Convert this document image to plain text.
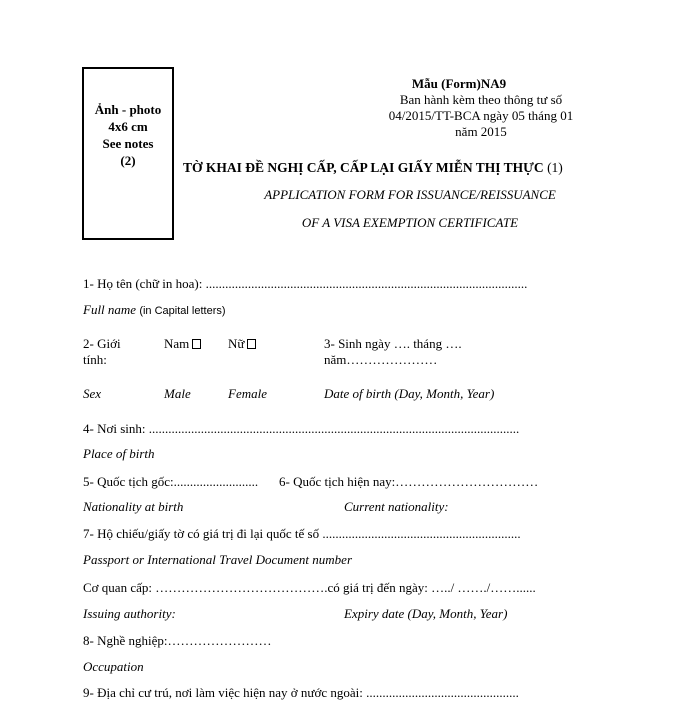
Ảnh - photo
4x6 cm
See notes
(2)
Mẫu (Form)NA9
Ban hành kèm theo thông tư số
04/2015/TT-BCA ngày 05 tháng 01
năm 2015
TỜ KHAI ĐỀ NGHỊ CẤP, CẤP LẠI GIẤY MIỄN THỊ THỰC (1)
APPLICATION FORM FOR ISSUANCE/REISSUANCE
OF A VISA EXEMPTION CERTIFICATE
1- Họ tên (chữ in hoa): ...................................................................................................
Full name (in Capital letters)
2- Giới
tính:
Nam	Nữ	3- Sinh ngày …. tháng ….
năm…………………
Sex	Male	Female	Date of birth (Day, Month, Year)
4- Nơi sinh: ..................................................................................................................
Place of birth
5- Quốc tịch gốc:.......................... 6- Quốc tịch hiện nay:……………………………
Nationality at birth	Current nationality:
7- Hộ chiếu/giấy tờ có giá trị đi lại quốc tế số .............................................................
Passport or International Travel Document number
Cơ quan cấp: ………………………………….có giá trị đến ngày: …../ ……./……......
Issuing authority:	Expiry date (Day, Month, Year)
8- Nghề nghiệp:……………………
Occupation
9- Địa chỉ cư trú, nơi làm việc hiện nay ở nước ngoài: ...............................................
